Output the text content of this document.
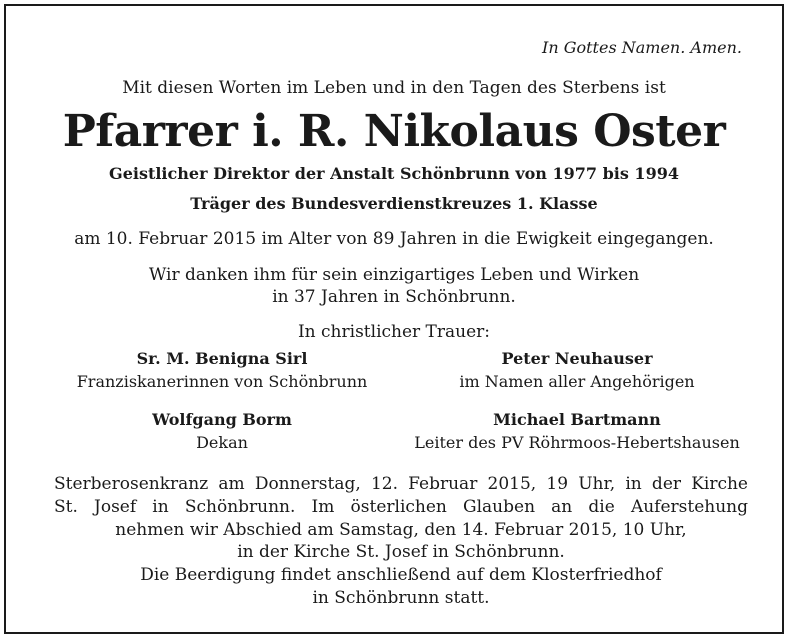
In Gottes Namen. Amen.
Mit diesen Worten im Leben und in den Tagen des Sterbens ist
Pfarrer i. R. Nikolaus Oster
Geistlicher Direktor der Anstalt Schönbrunn von 1977 bis 1994
Träger des Bundesverdienstkreuzes 1. Klasse
am 10. Februar 2015 im Alter von 89 Jahren in die Ewigkeit eingegangen.
Wir danken ihm für sein einzigartiges Leben und Wirken
in 37 Jahren in Schönbrunn.
In christlicher Trauer:
Sr. M. Benigna Sirl
Franziskanerinnen von Schönbrunn
Peter Neuhauser
im Namen aller Angehörigen
Wolfgang Borm
Dekan
Michael Bartmann
Leiter des PV Röhrmoos-Hebertshausen
Sterberosenkranz am Donnerstag, 12. Februar 2015, 19 Uhr, in der Kirche
St. Josef in Schönbrunn. Im österlichen Glauben an die Auferstehung
nehmen wir Abschied am Samstag, den 14. Februar 2015, 10 Uhr,
in der Kirche St. Josef in Schönbrunn.
Die Beerdigung findet anschließend auf dem Klosterfriedhof
in Schönbrunn statt.
